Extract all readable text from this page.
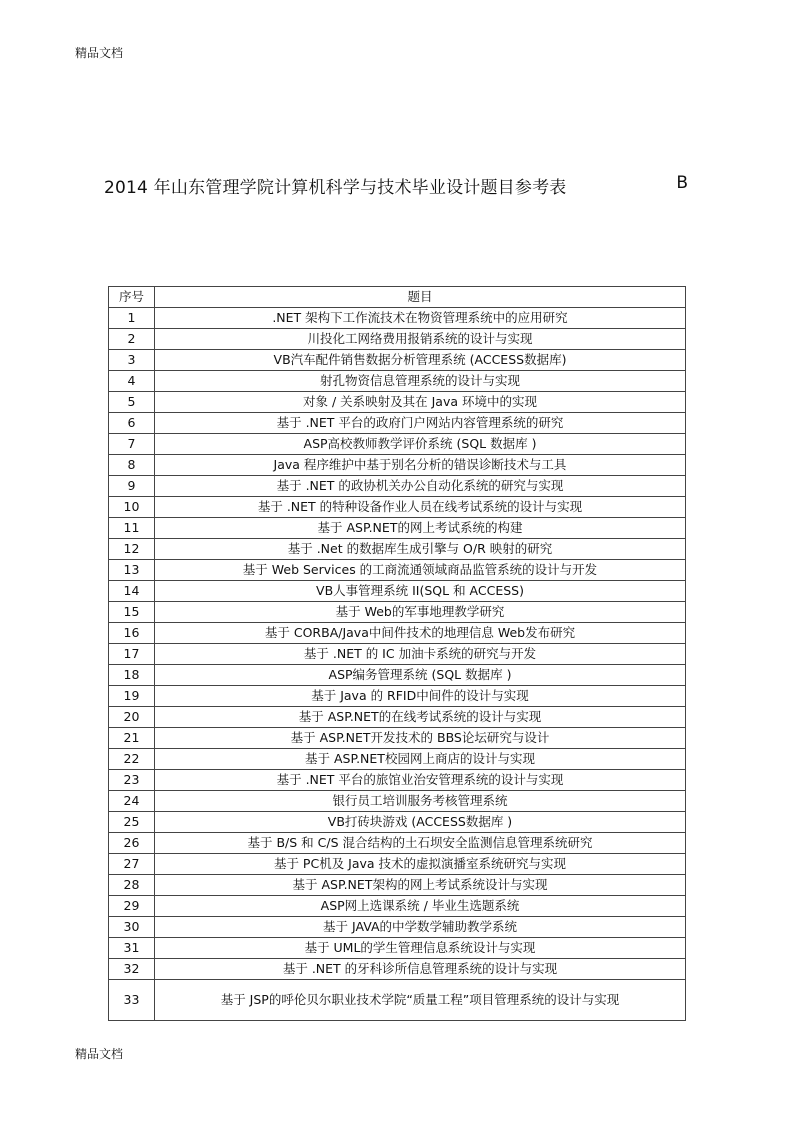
精品文档
2014 年山东管理学院计算机科学与技术毕业设计题目参考表	B
序号	题目
1	.NET 架构下工作流技术在物资管理系统中的应用研究
2	川投化工网络费用报销系统的设计与实现
3	VB汽车配件销售数据分析管理系统 (ACCESS数据库)
4	射孔物资信息管理系统的设计与实现
5	对象 / 关系映射及其在 Java 环境中的实现
6	基于 .NET 平台的政府门户网站内容管理系统的研究
7	ASP高校教师教学评价系统 (SQL 数据库 )
8	Java 程序维护中基于别名分析的错误诊断技术与工具
9	基于 .NET 的政协机关办公自动化系统的研究与实现
10	基于 .NET 的特种设备作业人员在线考试系统的设计与实现
11	基于 ASP.NET的网上考试系统的构建
12	基于 .Net 的数据库生成引擎与 O/R 映射的研究
13	基于 Web Services 的工商流通领域商品监管系统的设计与开发
14	VB人事管理系统 II(SQL 和 ACCESS)
15	基于 Web的军事地理教学研究
16	基于 CORBA/Java中间件技术的地理信息 Web发布研究
17	基于 .NET 的 IC 加油卡系统的研究与开发
18	ASP编务管理系统 (SQL 数据库 )
19	基于 Java 的 RFID中间件的设计与实现
20	基于 ASP.NET的在线考试系统的设计与实现
21	基于 ASP.NET开发技术的 BBS论坛研究与设计
22	基于 ASP.NET校园网上商店的设计与实现
23	基于 .NET 平台的旅馆业治安管理系统的设计与实现
24	银行员工培训服务考核管理系统
25	VB打砖块游戏 (ACCESS数据库 )
26	基于 B/S 和 C/S 混合结构的土石坝安全监测信息管理系统研究
27	基于 PC机及 Java 技术的虚拟演播室系统研究与实现
28	基于 ASP.NET架构的网上考试系统设计与实现
29	ASP网上选课系统 / 毕业生选题系统
30	基于 JAVA的中学数学辅助教学系统
31	基于 UML的学生管理信息系统设计与实现
32	基于 .NET 的牙科诊所信息管理系统的设计与实现
33	基于 JSP的呼伦贝尔职业技术学院“质量工程”项目管理系统的设计与实现
精品文档
